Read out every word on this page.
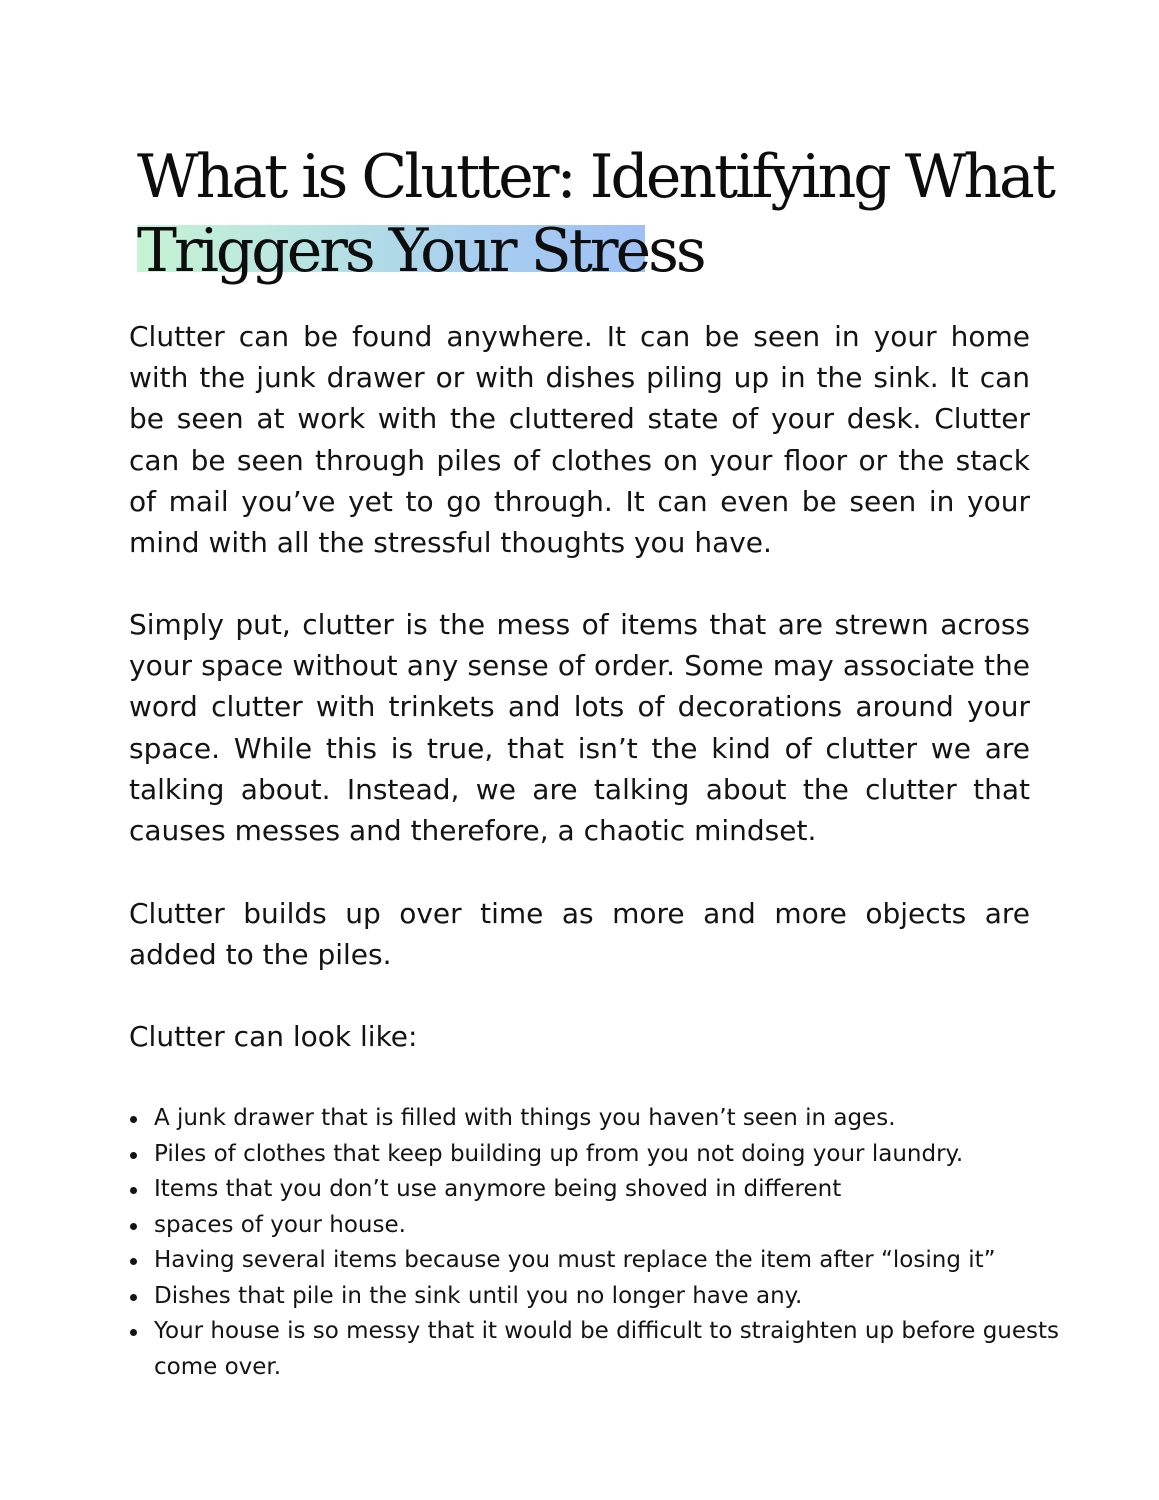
What is Clutter: Identifying What
Triggers Your Stress

Clutter can be found anywhere. It can be seen in your home with the junk drawer or with dishes piling up in the sink. It can be seen at work with the cluttered state of your desk. Clutter can be seen through piles of clothes on your floor or the stack of mail you’ve yet to go through. It can even be seen in your mind with all the stressful thoughts you have.

Simply put, clutter is the mess of items that are strewn across your space without any sense of order. Some may associate the word clutter with trinkets and lots of decorations around your space. While this is true, that isn’t the kind of clutter we are talking about. Instead, we are talking about the clutter that causes messes and therefore, a chaotic mindset.

Clutter builds up over time as more and more objects are added to the piles.

Clutter can look like:

A junk drawer that is filled with things you haven’t seen in ages.
Piles of clothes that keep building up from you not doing your laundry.
Items that you don’t use anymore being shoved in different
spaces of your house.
Having several items because you must replace the item after “losing it”
Dishes that pile in the sink until you no longer have any.
Your house is so messy that it would be difficult to straighten up before guests come over.
